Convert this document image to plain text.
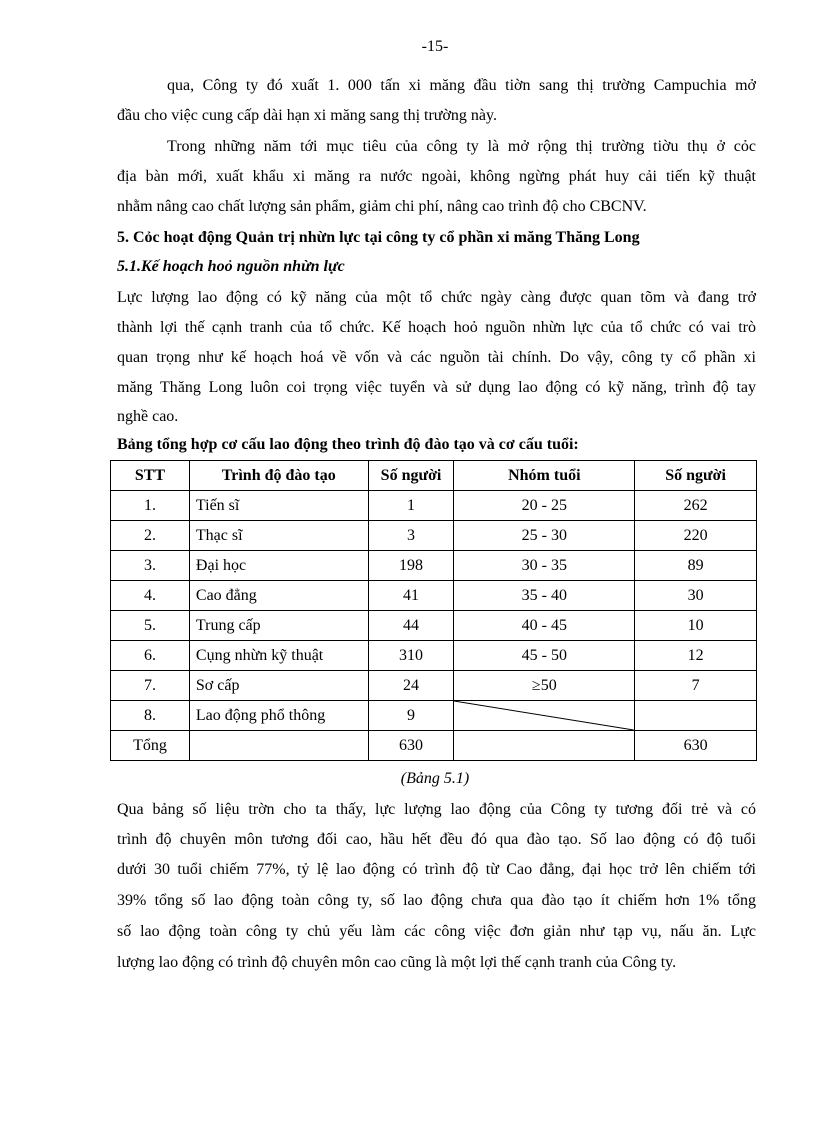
-15-
qua, Công ty đó xuất 1. 000 tấn xi măng đầu tiờn sang thị trường Campuchia mở
đầu cho việc cung cấp dài hạn xi măng sang thị trường này.
Trong những năm tới mục tiêu của công ty là mở rộng thị trường tiờu thụ ở cỏc
địa bàn mới, xuất khẩu xi măng ra nước ngoài, không ngừng phát huy cải tiến kỹ thuật
nhằm nâng cao chất lượng sản phẩm, giảm chi phí, nâng cao trình độ cho CBCNV.
5. Cỏc hoạt động Quản trị nhừn lực tại công ty cổ phần xi măng Thăng Long
5.1.Kế hoạch hoỏ nguồn nhừn lực
Lực lượng lao động có kỹ năng của một tổ chức ngày càng được quan tõm và đang trở
thành lợi thế cạnh tranh của tổ chức. Kế hoạch hoỏ nguồn nhừn lực của tổ chức có vai trò
quan trọng như kế hoạch hoá về vốn và các nguồn tài chính. Do vậy, công ty cổ phần xi
măng Thăng Long luôn coi trọng việc tuyển và sử dụng lao động có kỹ năng, trình độ tay
nghề cao.
Bảng tổng hợp cơ cấu lao động theo trình độ đào tạo và cơ cấu tuổi:
STT	Trình độ đào tạo	Số người	Nhóm tuổi	Số người
1.	Tiến sĩ	1	20 - 25	262
2.	Thạc sĩ	3	25 - 30	220
3.	Đại học	198	30 - 35	89
4.	Cao đẳng	41	35 - 40	30
5.	Trung cấp	44	40 - 45	10
6.	Cụng nhừn kỹ thuật	310	45 - 50	12
7.	Sơ cấp	24	≥50	7
8.	Lao động phổ thông	9	

Tổng		630		630
(Bảng 5.1)
Qua bảng số liệu trờn cho ta thấy, lực lượng lao động của Công ty tương đối trẻ và có
trình độ chuyên môn tương đối cao, hầu hết đều đó qua đào tạo. Số lao động có độ tuổi
dưới 30 tuổi chiếm 77%, tỷ lệ lao động có trình độ từ Cao đẳng, đại học trở lên chiếm tới
39% tổng số lao động toàn công ty, số lao động chưa qua đào tạo ít chiếm hơn 1% tổng
số lao động toàn công ty chủ yếu làm các công việc đơn giản như tạp vụ, nấu ăn. Lực
lượng lao động có trình độ chuyên môn cao cũng là một lợi thế cạnh tranh của Công ty.
